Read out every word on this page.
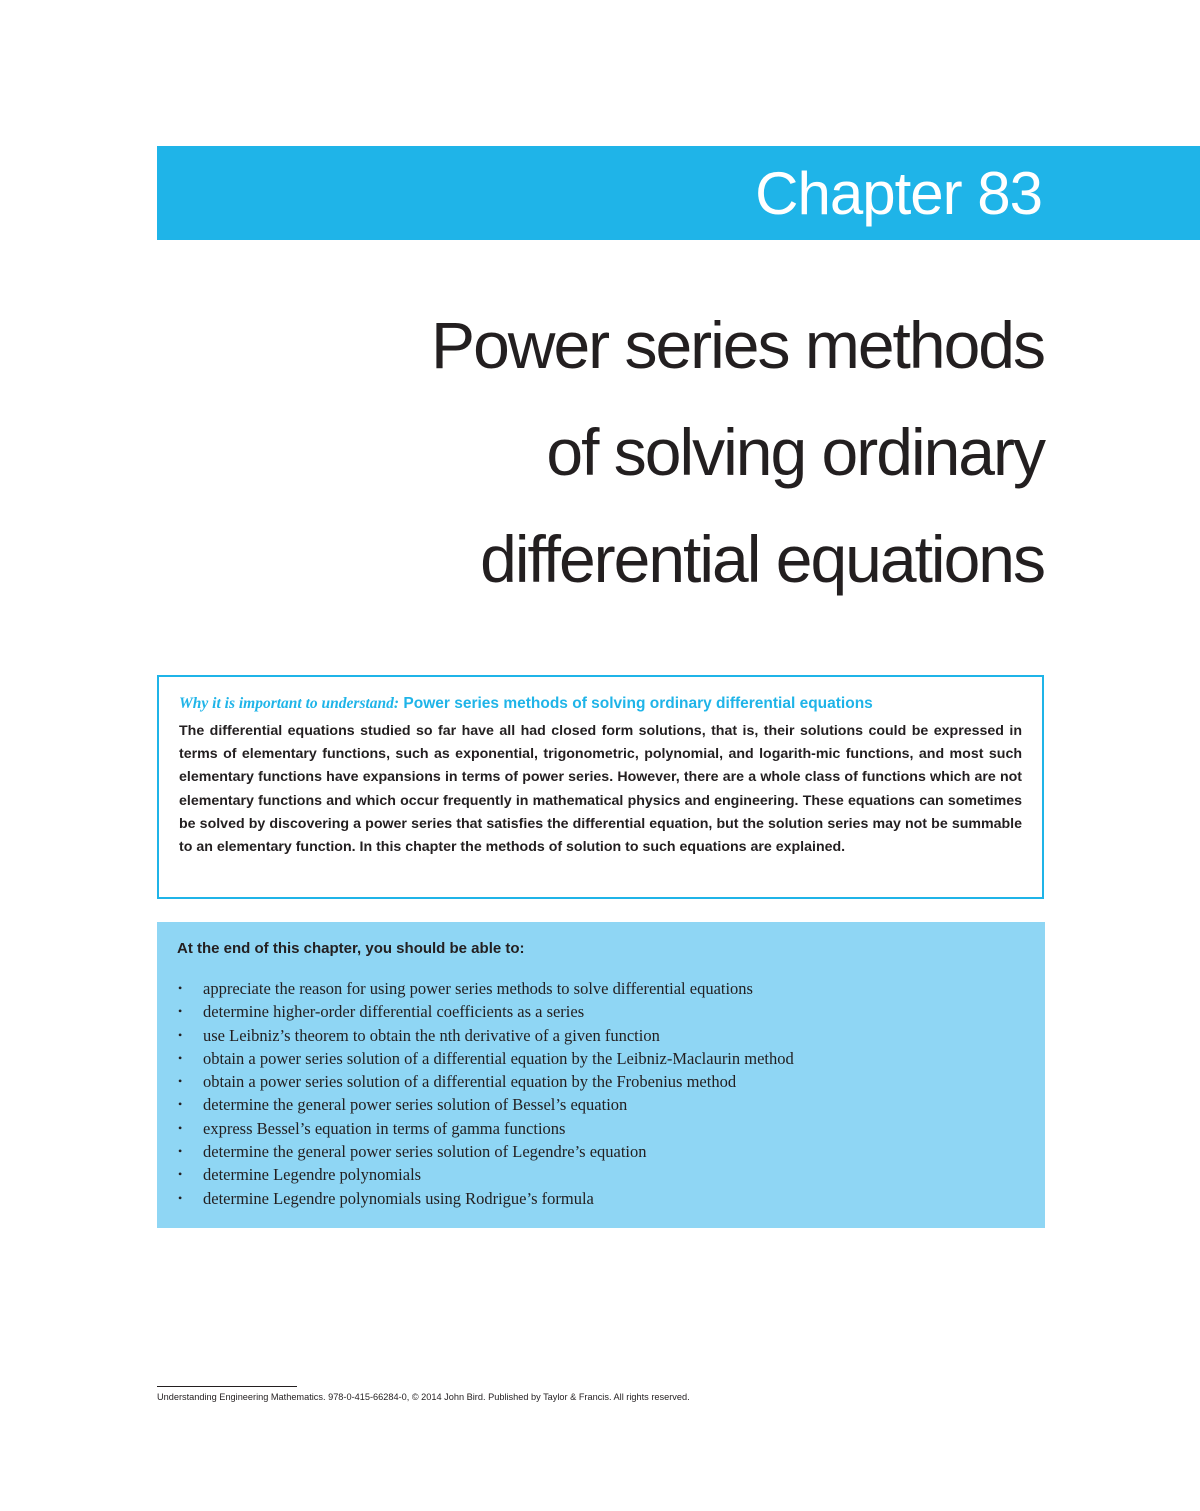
Chapter 83
Power series methods
of solving ordinary
differential equations
Why it is important to understand: Power series methods of solving ordinary differential equations
The differential equations studied so far have all had closed form solutions, that is, their solutions could be expressed in terms of elementary functions, such as exponential, trigonometric, polynomial, and logarith-mic functions, and most such elementary functions have expansions in terms of power series. However, there are a whole class of functions which are not elementary functions and which occur frequently in mathematical physics and engineering. These equations can sometimes be solved by discovering a power series that satisfies the differential equation, but the solution series may not be summable to an elementary function. In this chapter the methods of solution to such equations are explained.
At the end of this chapter, you should be able to:
• appreciate the reason for using power series methods to solve differential equations
• determine higher-order differential coefficients as a series
• use Leibniz’s theorem to obtain the nth derivative of a given function
• obtain a power series solution of a differential equation by the Leibniz-Maclaurin method
• obtain a power series solution of a differential equation by the Frobenius method
• determine the general power series solution of Bessel’s equation
• express Bessel’s equation in terms of gamma functions
• determine the general power series solution of Legendre’s equation
• determine Legendre polynomials
• determine Legendre polynomials using Rodrigue’s formula
Understanding Engineering Mathematics. 978-0-415-66284-0, © 2014 John Bird. Published by Taylor & Francis. All rights reserved.
